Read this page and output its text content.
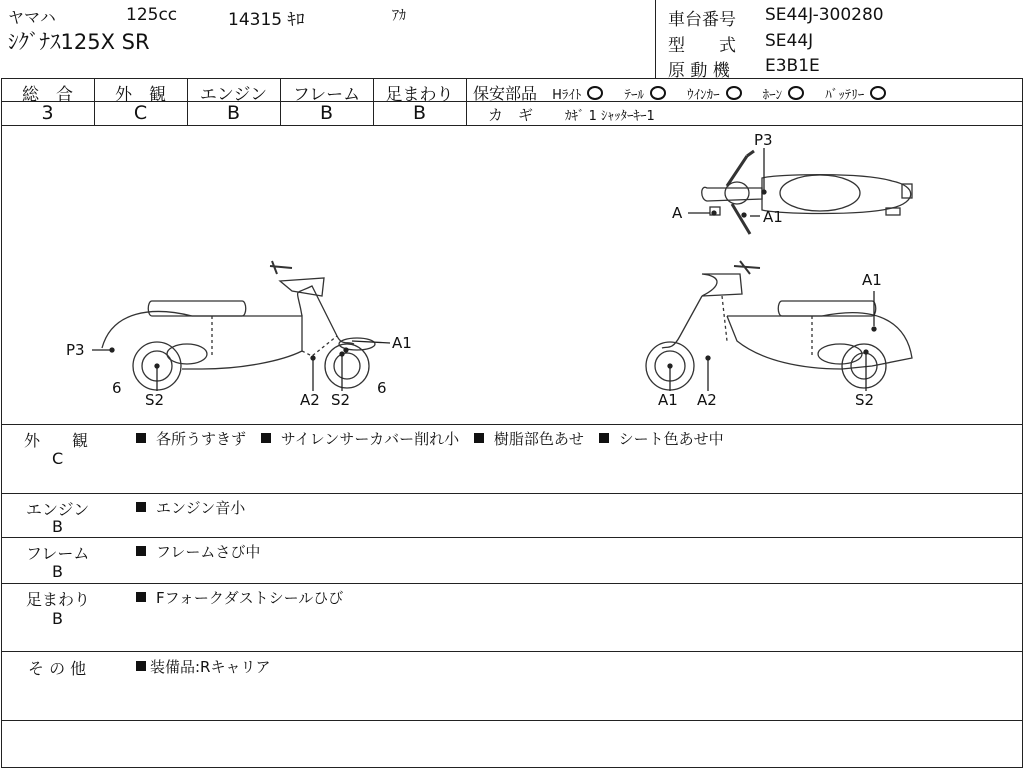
ヤマハ	125cc	14315 ｷﾛ	ｱｶ
ｼｸﾞﾅｽ125X SR
車台番号 SE44J-300280
型　　式 SE44J
原 動 機 E3B1E
総　合
3
外　観
C
エンジン
B
フレーム
B
足まわり
B
保安部品 Hﾗｲﾄ	ﾃｰﾙ	ｳｲﾝｶｰ	ﾎｰﾝ	ﾊﾞｯﾃﾘｰ
カ　ギ ｶｷﾞ 1 ｼｬｯﾀｰｷｰ1
P3
A	A1
P3	A1
6	6
S2	A2 S2
A1
A1 A2	S2
外　　観
C
各所うすきず サイレンサーカバー削れ小 樹脂部色あせ シート色あせ中
エンジン
B
エンジン音小
フレーム
B
フレームさび中
足まわり
B
Fフォークダストシールひび
そ の 他	装備品:Rキャリア
